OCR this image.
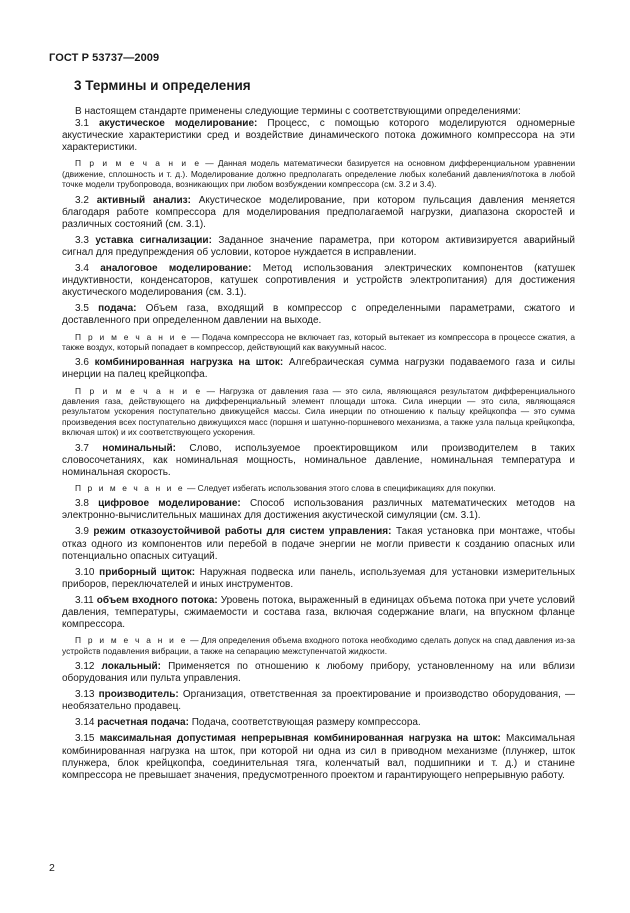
ГОСТ Р 53737—2009
3 Термины и определения

В настоящем стандарте применены следующие термины с соответствующими определениями:

3.1 акустическое моделирование: Процесс, с помощью которого моделируются одномерные акустические характеристики сред и воздействие динамического потока дожимного компрессора на эти характеристики.

П р и м е ч а н и е — Данная модель математически базируется на основном дифференциальном уравнении (движение, сплошность и т. д.). Моделирование должно предполагать определение любых колебаний давления/потока в любой точке модели трубопровода, возникающих при любом возбуждении компрессора (см. 3.2 и 3.4).

3.2 активный анализ: Акустическое моделирование, при котором пульсация давления меняется благодаря работе компрессора для моделирования предполагаемой нагрузки, диапазона скоростей и различных состояний (см. 3.1).

3.3 уставка сигнализации: Заданное значение параметра, при котором активизируется аварийный сигнал для предупреждения об условии, которое нуждается в исправлении.

3.4 аналоговое моделирование: Метод использования электрических компонентов (катушек индуктивности, конденсаторов, катушек сопротивления и устройств электропитания) для достижения акустического моделирования (см. 3.1).

3.5 подача: Объем газа, входящий в компрессор с определенными параметрами, сжатого и доставленного при определенном давлении на выходе.

П р и м е ч а н и е — Подача компрессора не включает газ, который вытекает из компрессора в процессе сжатия, а также воздух, который попадает в компрессор, действующий как вакуумный насос.

3.6 комбинированная нагрузка на шток: Алгебраическая сумма нагрузки подаваемого газа и силы инерции на палец крейцкопфа.

П р и м е ч а н и е — Нагрузка от давления газа — это сила, являющаяся результатом дифференциального давления газа, действующего на дифференциальный элемент площади штока. Сила инерции — это сила, являющаяся результатом ускорения поступательно движущейся массы. Сила инерции по отношению к пальцу крейцкопфа — это сумма произведения всех поступательно движущихся масс (поршня и шатунно-поршневого механизма, а также узла пальца крейцкопфа, включая шток) и их соответствующего ускорения.

3.7 номинальный: Слово, используемое проектировщиком или производителем в таких словосочетаниях, как номинальная мощность, номинальное давление, номинальная температура и номинальная скорость.

П р и м е ч а н и е — Следует избегать использования этого слова в спецификациях для покупки.

3.8 цифровое моделирование: Способ использования различных математических методов на электронно-вычислительных машинах для достижения акустической симуляции (см. 3.1).

3.9 режим отказоустойчивой работы для систем управления: Такая установка при монтаже, чтобы отказ одного из компонентов или перебой в подаче энергии не могли привести к созданию опасных или потенциально опасных ситуаций.

3.10 приборный щиток: Наружная подвеска или панель, используемая для установки измерительных приборов, переключателей и иных инструментов.

3.11 объем входного потока: Уровень потока, выраженный в единицах объема потока при учете условий давления, температуры, сжимаемости и состава газа, включая содержание влаги, на впускном фланце компрессора.

П р и м е ч а н и е — Для определения объема входного потока необходимо сделать допуск на спад давления из-за устройств подавления вибрации, а также на сепарацию межступенчатой жидкости.

3.12 локальный: Применяется по отношению к любому прибору, установленному на или вблизи оборудования или пульта управления.

3.13 производитель: Организация, ответственная за проектирование и производство оборудования, — необязательно продавец.

3.14 расчетная подача: Подача, соответствующая размеру компрессора.

3.15 максимальная допустимая непрерывная комбинированная нагрузка на шток: Максимальная комбинированная нагрузка на шток, при которой ни одна из сил в приводном механизме (плунжер, шток плунжера, блок крейцкопфа, соединительная тяга, коленчатый вал, подшипники и т. д.) и станине компрессора не превышает значения, предусмотренного проектом и гарантирующего непрерывную работу.

2
